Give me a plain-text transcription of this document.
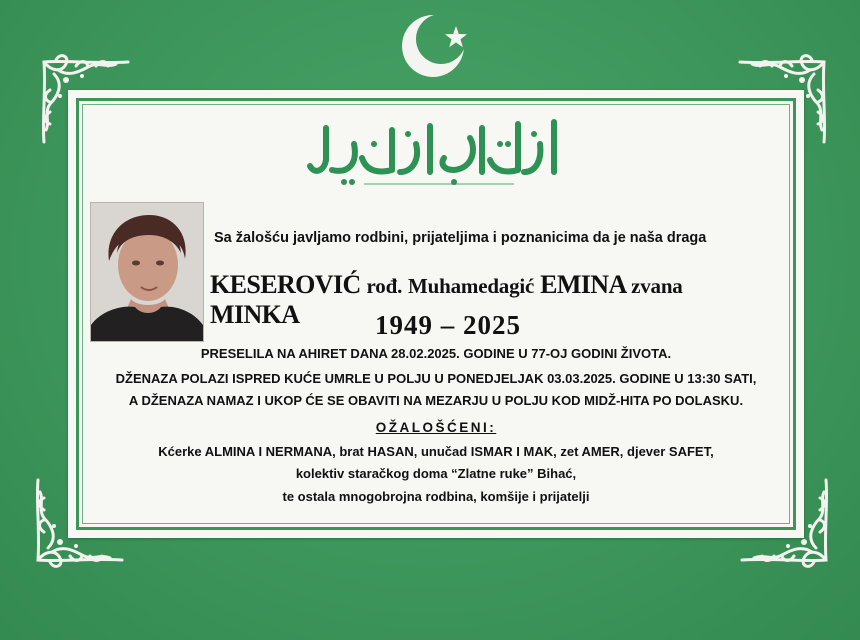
Sa žalošću javljamo rodbini, prijateljima i poznanicima da je naša draga
KESEROVIĆ rođ. Muhamedagić EMINA zvana MINKA	1949 – 2025
PRESELILA NA AHIRET DANA 28.02.2025. GODINE U 77-OJ GODINI ŽIVOTA.
DŽENAZA POLAZI ISPRED KUĆE UMRLE U POLJU U PONEDJELJAK 03.03.2025. GODINE U 13:30 SATI,
A DŽENAZA NAMAZ I UKOP ĆE SE OBAVITI NA MEZARJU U POLJU KOD MIDŽ-HITA PO DOLASKU.
OŽALOŠĆENI:
Kćerke ALMINA I NERMANA, brat HASAN, unučad ISMAR I MAK, zet AMER, djever SAFET,
kolektiv staračkog doma “Zlatne ruke” Bihać,
te ostala mnogobrojna rodbina, komšije i prijatelji
